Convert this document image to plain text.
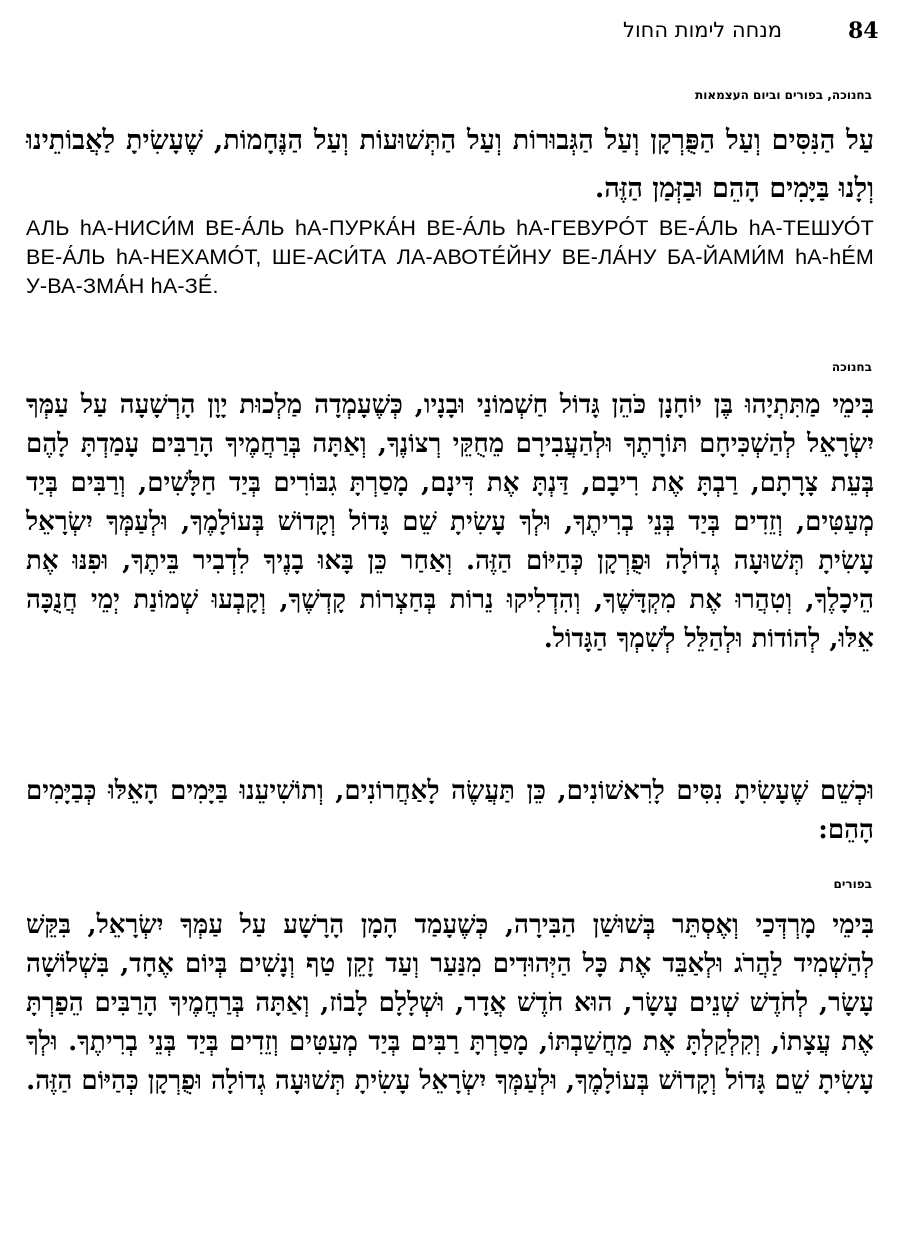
84
מנחה לימות החול
בחנוכה, בפורים וביום העצמאות

עַל הַנִּסִּים וְעַל הַפֻּרְקָן וְעַל הַגְּבוּרוֹת וְעַל הַתְּשׁוּעוֹת וְעַל הַנֶּחָמוֹת, שֶׁעָשִׂיתָ לַאֲבוֹתֵינוּ וְלָנוּ בַּיָּמִים הָהֵם וּבַזְּמַן הַזֶּה.

АЛЬ hА-НИСИ́М ВЕ-А́ЛЬ hА-ПУРКА́Н ВЕ-А́ЛЬ hА-ГЕВУРО́Т ВЕ-А́ЛЬ hА-ТЕШУО́Т ВЕ-А́ЛЬ hА-НЕХАМО́Т, ШЕ-АСИ́ТА ЛА-АВОТЕ́ЙНУ ВЕ-ЛА́НУ БА-ЙАМИ́М hА-hЕ́М У-ВА-ЗМА́Н hА-ЗЕ́.

בחנוכה

בִּימֵי מַתִּתְיָהוּ בֶּן יוֹחָנָן כֹּהֵן גָּדוֹל חַשְׁמוֹנַי וּבָנָיו, כְּשֶׁעָמְדָה מַלְכוּת יָוָן הָרְשָׁעָה עַל עַמְּךָ יִשְׂרָאֵל לְהַשְׁכִּיחָם תּוֹרָתֶךָ וּלְהַעֲבִירָם מֵחֻקֵּי רְצוֹנֶךָ, וְאַתָּה בְּרַחֲמֶיךָ הָרַבִּים עָמַדְתָּ לָהֶם בְּעֵת צָרָתָם, רַבְתָּ אֶת רִיבָם, דַּנְתָּ אֶת דִּינָם, מָסַרְתָּ גִבּוֹרִים בְּיַד חַלָּשִׁים, וְרַבִּים בְּיַד מְעַטִּים, וְזֵדִים בְּיַד בְּנֵי בְרִיתֶךָ, וּלְךָ עָשִׂיתָ שֵׁם גָּדוֹל וְקָדוֹשׁ בְּעוֹלָמֶךָ, וּלְעַמְּךָ יִשְׂרָאֵל עָשִׂיתָ תְּשׁוּעָה גְדוֹלָה וּפֻרְקָן כְּהַיּוֹם הַזֶּה. וְאַחַר כֵּן בָּאוּ בָנֶיךָ לִדְבִיר בֵּיתֶךָ, וּפִנּוּ אֶת הֵיכָלֶךָ, וְטִהֲרוּ אֶת מִקְדָּשֶׁךָ, וְהִדְלִיקוּ נֵרוֹת בְּחַצְרוֹת קָדְשֶׁךָ, וְקָבְעוּ שְׁמוֹנַת יְמֵי חֲנֻכָּה אֵלּוּ, לְהוֹדוֹת וּלְהַלֵּל לְשִׁמְךָ הַגָּדוֹל.

וּכְשֵׁם שֶׁעָשִׂיתָ נִסִּים לָרִאשׁוֹנִים, כֵּן תַּעֲשֶׂה לָאַחֲרוֹנִים, וְתוֹשִׁיעֵנוּ בַּיָּמִים הָאֵלּוּ כְּבַיָּמִים הָהֵם:

בפורים

בִּימֵי מָרְדְּכַי וְאֶסְתֵּר בְּשׁוּשַׁן הַבִּירָה, כְּשֶׁעָמַד הָמָן הָרָשָׁע עַל עַמְּךָ יִשְׂרָאֵל, בִּקֵּשׁ לְהַשְׁמִיד לַהֲרֹג וּלְאַבֵּד אֶת כָּל הַיְּהוּדִים מִנַּעַר וְעַד זָקֵן טַף וְנָשִׁים בְּיוֹם אֶחָד, בִּשְׁלוֹשָׁה עָשָׂר, לְחֹדֶשׁ שְׁנֵים עָשָׂר, הוּא חֹדֶשׁ אֲדָר, וּשְׁלָלָם לָבוֹז, וְאַתָּה בְּרַחֲמֶיךָ הָרַבִּים הֵפַרְתָּ אֶת עֲצָתוֹ, וְקִלְקַלְתָּ אֶת מַחֲשַׁבְתּוֹ, מָסַרְתָּ רַבִּים בְּיַד מְעַטִּים וְזֵדִים בְּיַד בְּנֵי בְרִיתֶךָ. וּלְךָ עָשִׂיתָ שֵׁם גָּדוֹל וְקָדוֹשׁ בְּעוֹלָמֶךָ, וּלְעַמְּךָ יִשְׂרָאֵל עָשִׂיתָ תְּשׁוּעָה גְדוֹלָה וּפֻרְקָן כְּהַיּוֹם הַזֶּה.
